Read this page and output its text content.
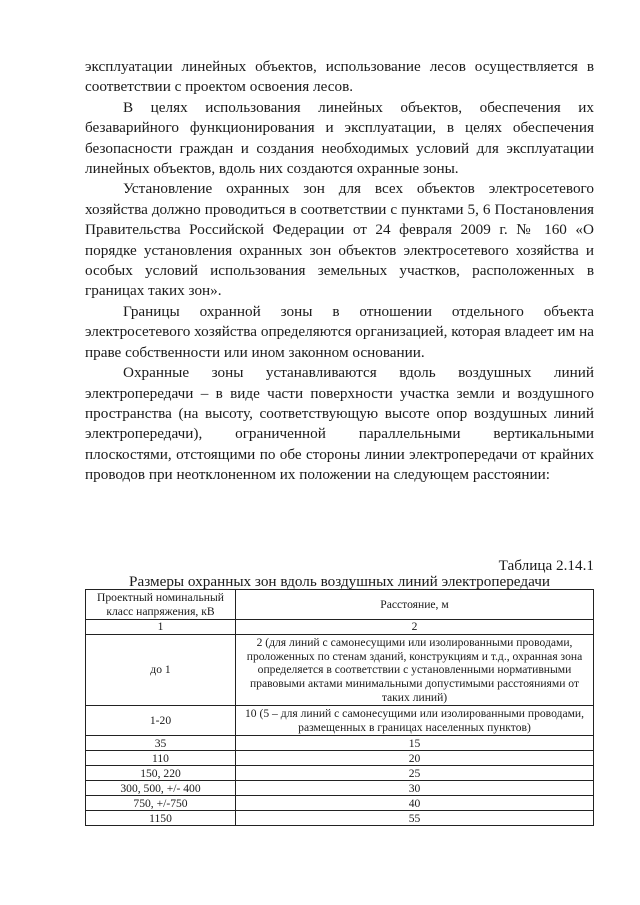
эксплуатации линейных объектов, использование лесов осуществляется в соответствии с проектом освоения лесов.

В целях использования линейных объектов, обеспечения их безаварийного функционирования и эксплуатации, в целях обеспечения безопасности граждан и создания необходимых условий для эксплуатации линейных объектов, вдоль них создаются охранные зоны.

Установление охранных зон для всех объектов электросетевого хозяйства должно проводиться в соответствии с пунктами 5, 6 Постановления Правительства Российской Федерации от 24 февраля 2009 г. № 160 «О порядке установления охранных зон объектов электросетевого хозяйства и особых условий использования земельных участков, расположенных в границах таких зон».

Границы охранной зоны в отношении отдельного объекта электросетевого хозяйства определяются организацией, которая владеет им на праве собственности или ином законном основании.

Охранные зоны устанавливаются вдоль воздушных линий электропередачи – в виде части поверхности участка земли и воздушного пространства (на высоту, соответствующую высоте опор воздушных линий электропередачи), ограниченной параллельными вертикальными плоскостями, отстоящими по обе стороны линии электропередачи от крайних проводов при неотклоненном их положении на следующем расстоянии:

Таблица 2.14.1
Размеры охранных зон вдоль воздушных линий электропередачи
Проектный номинальный класс напряжения, кВ	Расстояние, м
1	2
до 1	2 (для линий с самонесущими или изолированными проводами, проложенных по стенам зданий, конструкциям и т.д., охранная зона определяется в соответствии с установленными нормативными правовыми актами минимальными допустимыми расстояниями от таких линий)
1-20	10 (5 – для линий с самонесущими или изолированными проводами, размещенных в границах населенных пунктов)
35	15
110	20
150, 220	25
300, 500, +/- 400	30
750, +/-750	40
1150	55
